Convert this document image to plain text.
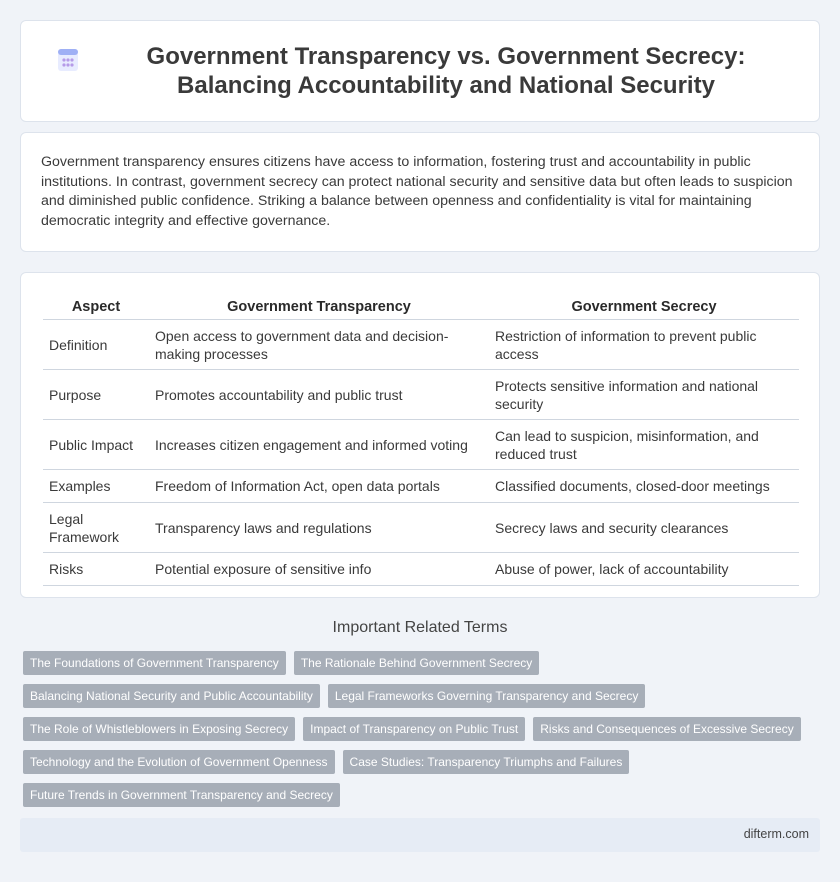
Government Transparency vs. Government Secrecy: Balancing Accountability and National Security

Government transparency ensures citizens have access to information, fostering trust and accountability in public institutions. In contrast, government secrecy can protect national security and sensitive data but often leads to suspicion and diminished public confidence. Striking a balance between openness and confidentiality is vital for maintaining democratic integrity and effective governance.

Aspect	Government Transparency	Government Secrecy
Definition	Open access to government data and decision-making processes	Restriction of information to prevent public access
Purpose	Promotes accountability and public trust	Protects sensitive information and national security
Public Impact	Increases citizen engagement and informed voting	Can lead to suspicion, misinformation, and reduced trust
Examples	Freedom of Information Act, open data portals	Classified documents, closed-door meetings
Legal Framework	Transparency laws and regulations	Secrecy laws and security clearances
Risks	Potential exposure of sensitive info	Abuse of power, lack of accountability
Important Related Terms
The Foundations of Government Transparency	The Rationale Behind Government Secrecy
Balancing National Security and Public Accountability	Legal Frameworks Governing Transparency and Secrecy
The Role of Whistleblowers in Exposing Secrecy	Impact of Transparency on Public Trust	Risks and Consequences of Excessive Secrecy
Technology and the Evolution of Government Openness	Case Studies: Transparency Triumphs and Failures
Future Trends in Government Transparency and Secrecy
difterm.com
